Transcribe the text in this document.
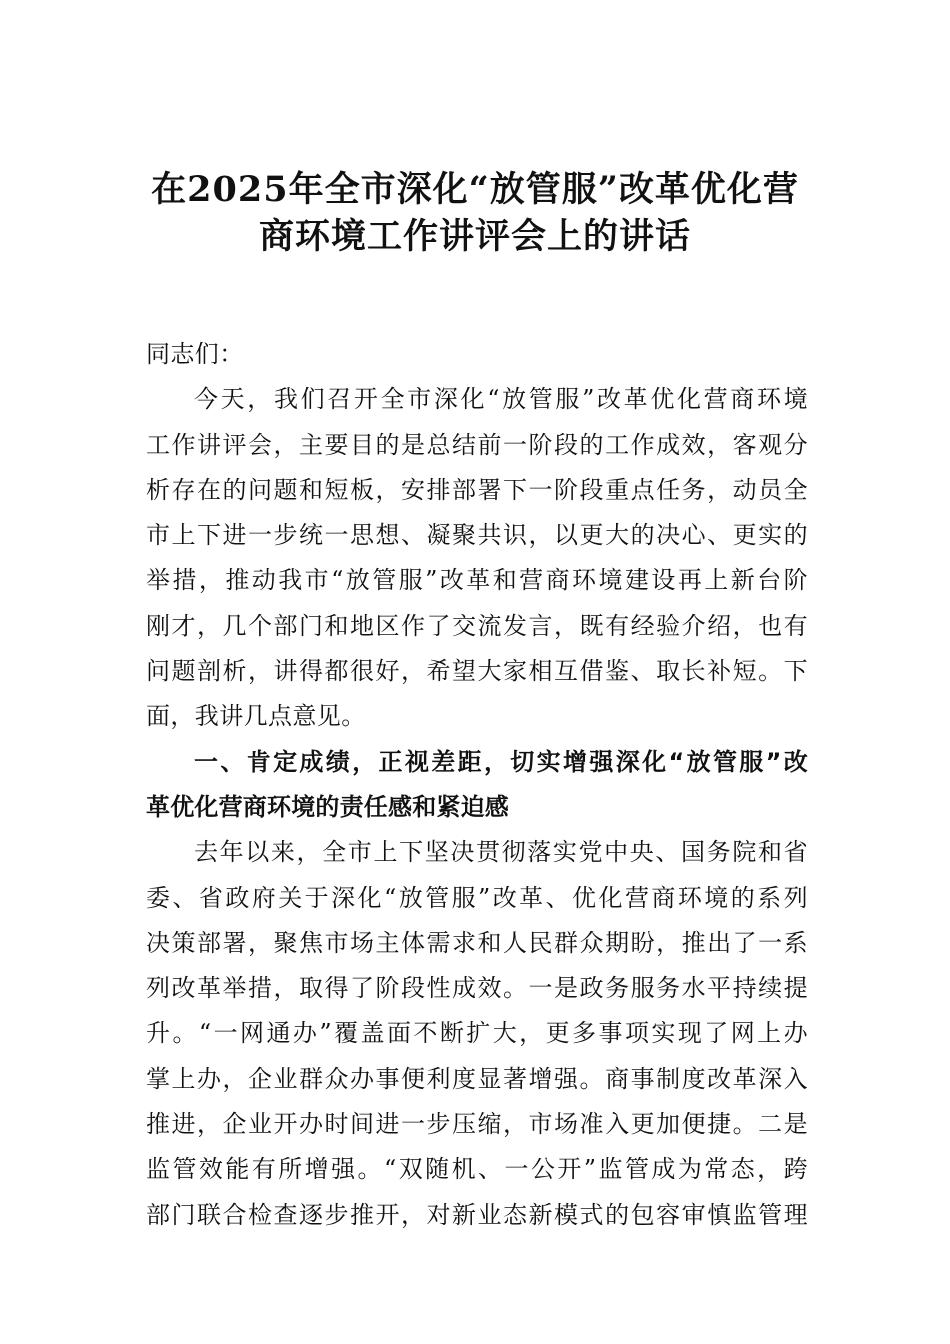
在2025年全市深化“放管服”改革优化营
商环境工作讲评会上的讲话
同志们：
今天，我们召开全市深化“放管服”改革优化营商环境
工作讲评会，主要目的是总结前一阶段的工作成效，客观分
析存在的问题和短板，安排部署下一阶段重点任务，动员全
市上下进一步统一思想、凝聚共识，以更大的决心、更实的
举措，推动我市“放管服”改革和营商环境建设再上新台阶
刚才，几个部门和地区作了交流发言，既有经验介绍，也有
问题剖析，讲得都很好，希望大家相互借鉴、取长补短。下
面，我讲几点意见。
一、肯定成绩，正视差距，切实增强深化“放管服”改
革优化营商环境的责任感和紧迫感
去年以来，全市上下坚决贯彻落实党中央、国务院和省
委、省政府关于深化“放管服”改革、优化营商环境的系列
决策部署，聚焦市场主体需求和人民群众期盼，推出了一系
列改革举措，取得了阶段性成效。一是政务服务水平持续提
升。“一网通办”覆盖面不断扩大，更多事项实现了网上办
掌上办，企业群众办事便利度显著增强。商事制度改革深入
推进，企业开办时间进一步压缩，市场准入更加便捷。二是
监管效能有所增强。“双随机、一公开”监管成为常态，跨
部门联合检查逐步推开，对新业态新模式的包容审慎监管理
